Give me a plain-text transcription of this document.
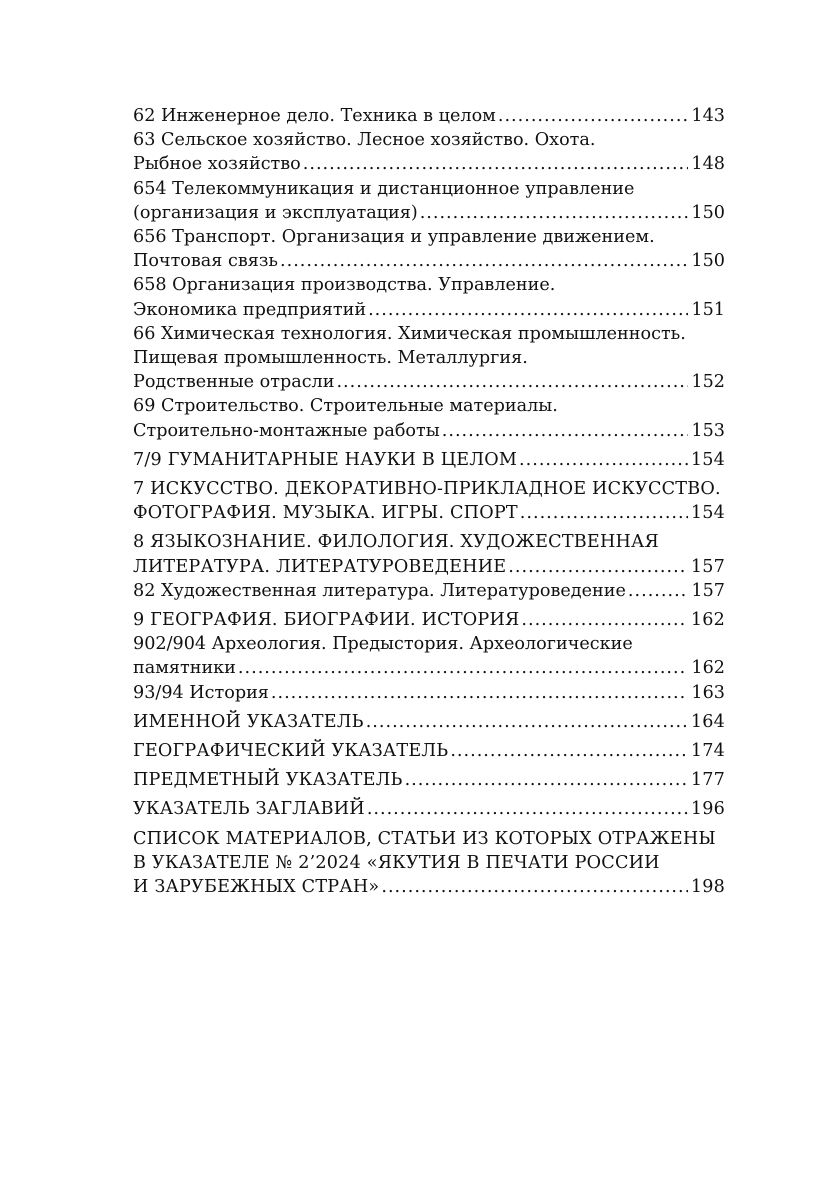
62 Инженерное дело. Техника в целом .....	143
63 Сельское хозяйство. Лесное хозяйство. Охота.
Рыбное хозяйство .....	148
654 Телекоммуникация и дистанционное управление
(организация и эксплуатация) .....	150
656 Транспорт. Организация и управление движением.
Почтовая связь .....	150
658 Организация производства. Управление.
Экономика предприятий .....	151
66 Химическая технология. Химическая промышленность.
Пищевая промышленность. Металлургия.
Родственные отрасли .....	152
69 Строительство. Строительные материалы.
Строительно-монтажные работы .....	153
7/9 ГУМАНИТАРНЫЕ НАУКИ В ЦЕЛОМ .....	154
7 ИСКУССТВО. ДЕКОРАТИВНО-ПРИКЛАДНОЕ ИСКУССТВО.
ФОТОГРАФИЯ. МУЗЫКА. ИГРЫ. СПОРТ .....	154
8 ЯЗЫКОЗНАНИЕ. ФИЛОЛОГИЯ. ХУДОЖЕСТВЕННАЯ
ЛИТЕРАТУРА. ЛИТЕРАТУРОВЕДЕНИЕ .....	157
82 Художественная литература. Литературоведение .....	157
9 ГЕОГРАФИЯ. БИОГРАФИИ. ИСТОРИЯ .....	162
902/904 Археология. Предыстория. Археологические
памятники .....	162
93/94 История .....	163
ИМЕННОЙ УКАЗАТЕЛЬ .....	164
ГЕОГРАФИЧЕСКИЙ УКАЗАТЕЛЬ .....	174
ПРЕДМЕТНЫЙ УКАЗАТЕЛЬ .....	177
УКАЗАТЕЛЬ ЗАГЛАВИЙ .....	196
СПИСОК МАТЕРИАЛОВ, СТАТЬИ ИЗ КОТОРЫХ ОТРАЖЕНЫ
В УКАЗАТЕЛЕ № 2’2024 «ЯКУТИЯ В ПЕЧАТИ РОССИИ
И ЗАРУБЕЖНЫХ СТРАН» .....	198
